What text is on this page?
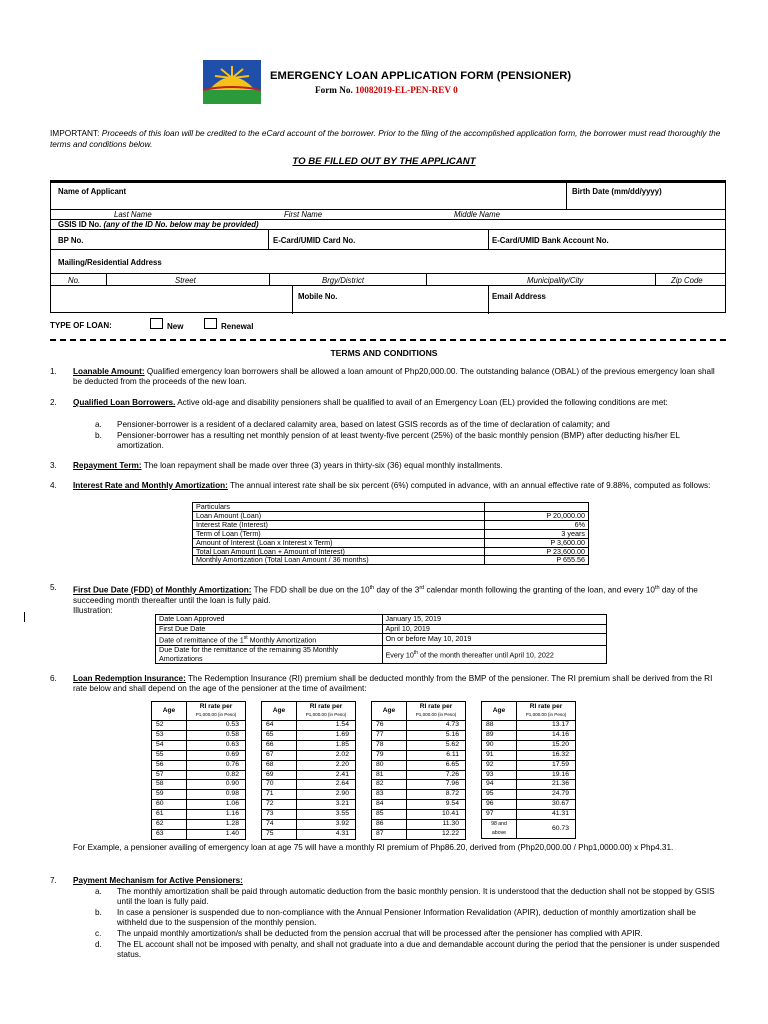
EMERGENCY LOAN APPLICATION FORM (PENSIONER)
Form No. 10082019-EL-PEN-REV 0
IMPORTANT: Proceeds of this loan will be credited to the eCard account of the borrower. Prior to the filing of the accomplished application form, the borrower must read thoroughly the terms and conditions below.
TO BE FILLED OUT BY THE APPLICANT
Name of Applicant	Birth Date (mm/dd/yyyy)
Last Name	First Name	Middle Name
GSIS ID No. (any of the ID No. below may be provided)
BP No.	E-Card/UMID Card No.	E-Card/UMID Bank Account No.
Mailing/Residential Address
No.	Street	Brgy/District	Municipality/City	Zip Code
Mobile No.	Email Address
TYPE OF LOAN:	New	Renewal
TERMS AND CONDITIONS
1. Loanable Amount: Qualified emergency loan borrowers shall be allowed a loan amount of Php20,000.00. The outstanding balance (OBAL) of the previous emergency loan shall be deducted from the proceeds of the new loan.
2. Qualified Loan Borrowers. Active old-age and disability pensioners shall be qualified to avail of an Emergency Loan (EL) provided the following conditions are met:
a. Pensioner-borrower is a resident of a declared calamity area, based on latest GSIS records as of the time of declaration of calamity; and
b. Pensioner-borrower has a resulting net monthly pension of at least twenty-five percent (25%) of the basic monthly pension (BMP) after deducting his/her EL amortization.
3. Repayment Term: The loan repayment shall be made over three (3) years in thirty-six (36) equal monthly installments.
4. Interest Rate and Monthly Amortization: The annual interest rate shall be six percent (6%) computed in advance, with an annual effective rate of 9.88%, computed as follows:
Particulars	
Loan Amount (Loan)	P 20,000.00
Interest Rate (Interest)	6%
Term of Loan (Term)	3 years
Amount of Interest (Loan x Interest x Term)	P 3,600.00
Total Loan Amount (Loan + Amount of Interest)	P 23,600.00
Monthly Amortization (Total Loan Amount / 36 months)	P 655.56
5. First Due Date (FDD) of Monthly Amortization: The FDD shall be due on the 10th day of the 3rd calendar month following the granting of the loan, and every 10th day of the succeeding month thereafter until the loan is fully paid.
Illustration:
Date Loan Approved	January 15, 2019
First Due Date	April 10, 2019
Date of remittance of the 1st Monthly Amortization	On or before May 10, 2019
Due Date for the remittance of the remaining 35 Monthly Amortizations	Every 10th of the month thereafter until April 10, 2022
6. Loan Redemption Insurance: The Redemption Insurance (RI) premium shall be deducted monthly from the BMP of the pensioner. The RI premium shall be derived from the RI rate below and shall depend on the age of the pensioner at the time of availment:
Age	RI rate per
P1,000.00 (in Peso)

52	0.53
53	0.58
54	0.63
55	0.69
56	0.76
57	0.82
58	0.90
59	0.98
60	1.06
61	1.16
62	1.28
63	1.40
Age	RI rate per
P1,000.00 (in Peso)

64	1.54
65	1.69
66	1.85
67	2.02
68	2.20
69	2.41
70	2.64
71	2.90
72	3.21
73	3.55
74	3.92
75	4.31
Age	RI rate per
P1,000.00 (in Peso)

76	4.73
77	5.16
78	5.62
79	6.11
80	6.65
81	7.26
82	7.96
83	8.72
84	9.54
85	10.41
86	11.30
87	12.22
Age	RI rate per
P1,000.00 (in Peso)

88	13.17
89	14.16
90	15.20
91	16.32
92	17.59
93	19.16
94	21.36
95	24.79
96	30.67
97	41.31
98 and above	60.73
For Example, a pensioner availing of emergency loan at age 75 will have a monthly RI premium of Php86.20, derived from (Php20,000.00 / Php1,0000.00) x Php4.31.
7. Payment Mechanism for Active Pensioners:
a. The monthly amortization shall be paid through automatic deduction from the basic monthly pension. It is understood that the deduction shall not be stopped by GSIS until the loan is fully paid.
b. In case a pensioner is suspended due to non-compliance with the Annual Pensioner Information Revalidation (APIR), deduction of monthly amortization shall be withheld due to the suspension of the monthly pension.
c. The unpaid monthly amortization/s shall be deducted from the pension accrual that will be processed after the pensioner has complied with APIR.
d. The EL account shall not be imposed with penalty, and shall not graduate into a due and demandable account during the period that the pensioner is under suspended status.
